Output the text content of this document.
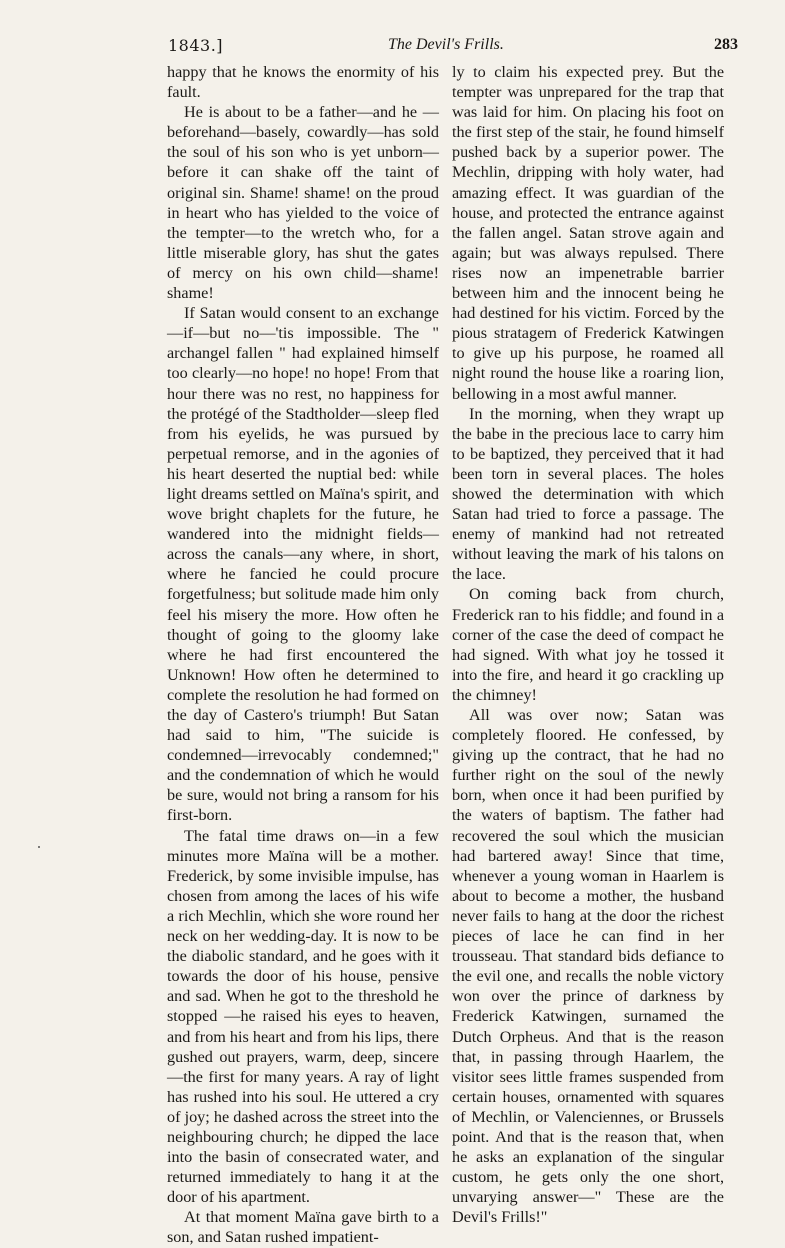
1843.]	The Devil's Frills.	283

happy that he knows the enormity of his fault.

He is about to be a father—and he —beforehand—basely, cowardly—has sold the soul of his son who is yet unborn—before it can shake off the taint of original sin. Shame! shame! on the proud in heart who has yielded to the voice of the tempter—to the wretch who, for a little miserable glory, has shut the gates of mercy on his own child—shame! shame!

If Satan would consent to an exchange—if—but no—'tis impossible. The " archangel fallen " had explained himself too clearly—no hope! no hope! From that hour there was no rest, no happiness for the protégé of the Stadtholder—sleep fled from his eyelids, he was pursued by perpetual remorse, and in the agonies of his heart deserted the nuptial bed: while light dreams settled on Maïna's spirit, and wove bright chaplets for the future, he wandered into the midnight fields—across the canals—any where, in short, where he fancied he could procure forgetfulness; but solitude made him only feel his misery the more. How often he thought of going to the gloomy lake where he had first encountered the Unknown! How often he determined to complete the resolution he had formed on the day of Castero's triumph! But Satan had said to him, "The suicide is condemned—irrevocably condemned;" and the condemnation of which he would be sure, would not bring a ransom for his first-born.

The fatal time draws on—in a few minutes more Maïna will be a mother. Frederick, by some invisible impulse, has chosen from among the laces of his wife a rich Mechlin, which she wore round her neck on her wedding-day. It is now to be the diabolic standard, and he goes with it towards the door of his house, pensive and sad. When he got to the threshold he stopped —he raised his eyes to heaven, and from his heart and from his lips, there gushed out prayers, warm, deep, sincere—the first for many years. A ray of light has rushed into his soul. He uttered a cry of joy; he dashed across the street into the neighbouring church; he dipped the lace into the basin of consecrated water, and returned immediately to hang it at the door of his apartment.

At that moment Maïna gave birth to a son, and Satan rushed impatient-

ly to claim his expected prey. But the tempter was unprepared for the trap that was laid for him. On placing his foot on the first step of the stair, he found himself pushed back by a superior power. The Mechlin, dripping with holy water, had amazing effect. It was guardian of the house, and protected the entrance against the fallen angel. Satan strove again and again; but was always repulsed. There rises now an impenetrable barrier between him and the innocent being he had destined for his victim. Forced by the pious stratagem of Frederick Katwingen to give up his purpose, he roamed all night round the house like a roaring lion, bellowing in a most awful manner.

In the morning, when they wrapt up the babe in the precious lace to carry him to be baptized, they perceived that it had been torn in several places. The holes showed the determination with which Satan had tried to force a passage. The enemy of mankind had not retreated without leaving the mark of his talons on the lace.

On coming back from church, Frederick ran to his fiddle; and found in a corner of the case the deed of compact he had signed. With what joy he tossed it into the fire, and heard it go crackling up the chimney!

All was over now; Satan was completely floored. He confessed, by giving up the contract, that he had no further right on the soul of the newly born, when once it had been purified by the waters of baptism. The father had recovered the soul which the musician had bartered away! Since that time, whenever a young woman in Haarlem is about to become a mother, the husband never fails to hang at the door the richest pieces of lace he can find in her trousseau. That standard bids defiance to the evil one, and recalls the noble victory won over the prince of darkness by Frederick Katwingen, surnamed the Dutch Orpheus. And that is the reason that, in passing through Haarlem, the visitor sees little frames suspended from certain houses, ornamented with squares of Mechlin, or Valenciennes, or Brussels point. And that is the reason that, when he asks an explanation of the singular custom, he gets only the one short, unvarying answer—" These are the Devil's Frills!"
